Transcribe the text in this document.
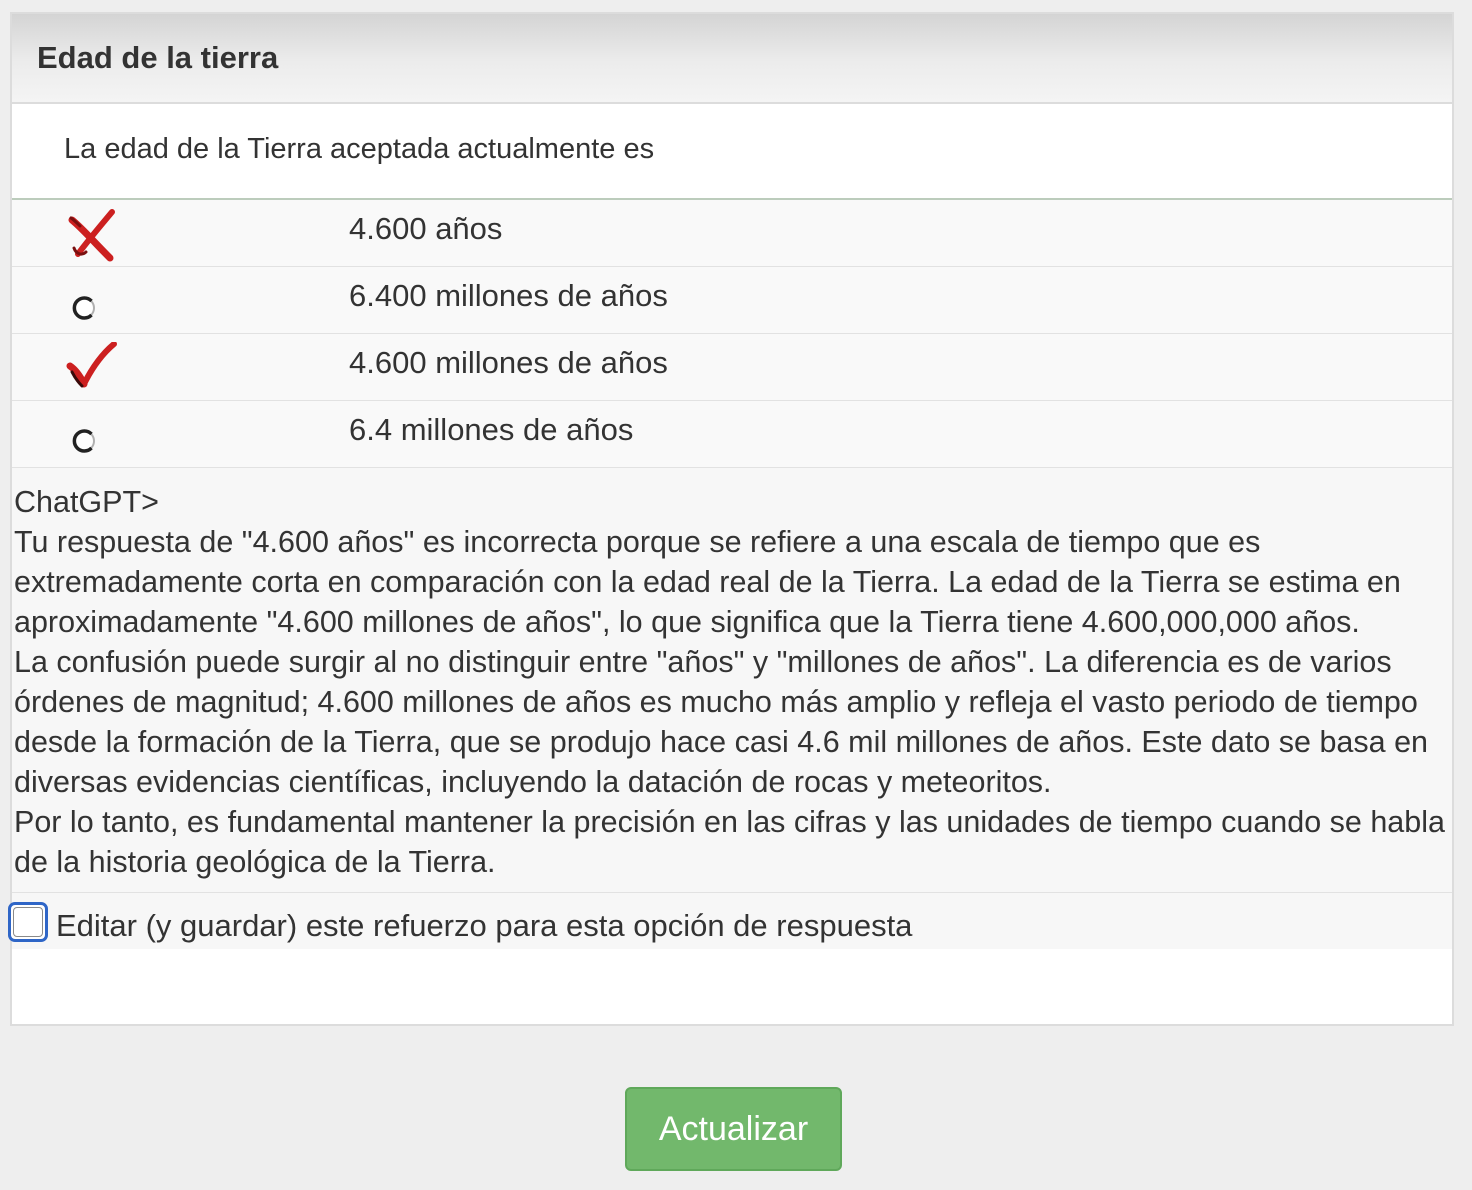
Edad de la tierra
La edad de la Tierra aceptada actualmente es
4.600 años
6.400 millones de años
4.600 millones de años
6.4 millones de años

ChatGPT>

Tu respuesta de "4.600 años" es incorrecta porque se refiere a una escala de tiempo que es extremadamente corta en comparación con la edad real de la Tierra. La edad de la Tierra se estima en aproximadamente "4.600 millones de años", lo que significa que la Tierra tiene 4.600,000,000 años.

La confusión puede surgir al no distinguir entre "años" y "millones de años". La diferencia es de varios órdenes de magnitud; 4.600 millones de años es mucho más amplio y refleja el vasto periodo de tiempo desde la formación de la Tierra, que se produjo hace casi 4.6 mil millones de años. Este dato se basa en diversas evidencias científicas, incluyendo la datación de rocas y meteoritos.

Por lo tanto, es fundamental mantener la precisión en las cifras y las unidades de tiempo cuando se habla de la historia geológica de la Tierra.

Editar (y guardar) este refuerzo para esta opción de respuesta
Actualizar
